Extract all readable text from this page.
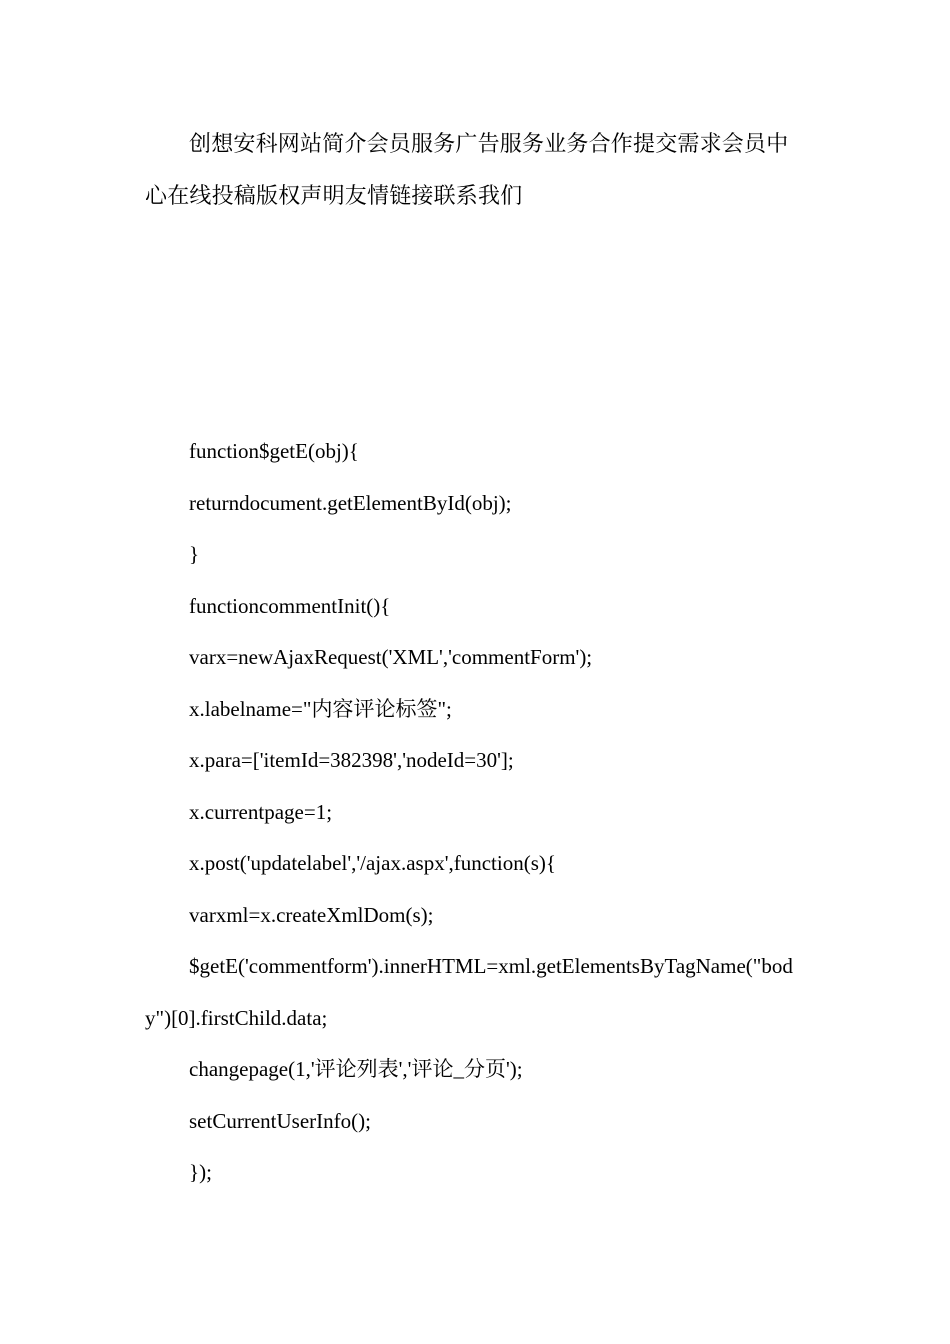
创想安科网站简介会员服务广告服务业务合作提交需求会员中心在线投稿版权声明友情链接联系我们

function$getE(obj){

returndocument.getElementById(obj);

}

functioncommentInit(){

varx=newAjaxRequest('XML','commentForm');

x.labelname="内容评论标签";

x.para=['itemId=382398','nodeId=30'];

x.currentpage=1;

x.post('updatelabel','/ajax.aspx',function(s){

varxml=x.createXmlDom(s);

$getE('commentform').innerHTML=xml.getElementsByTagName("body")[0].firstChild.data;

changepage(1,'评论列表','评论_分页');

setCurrentUserInfo();

});
